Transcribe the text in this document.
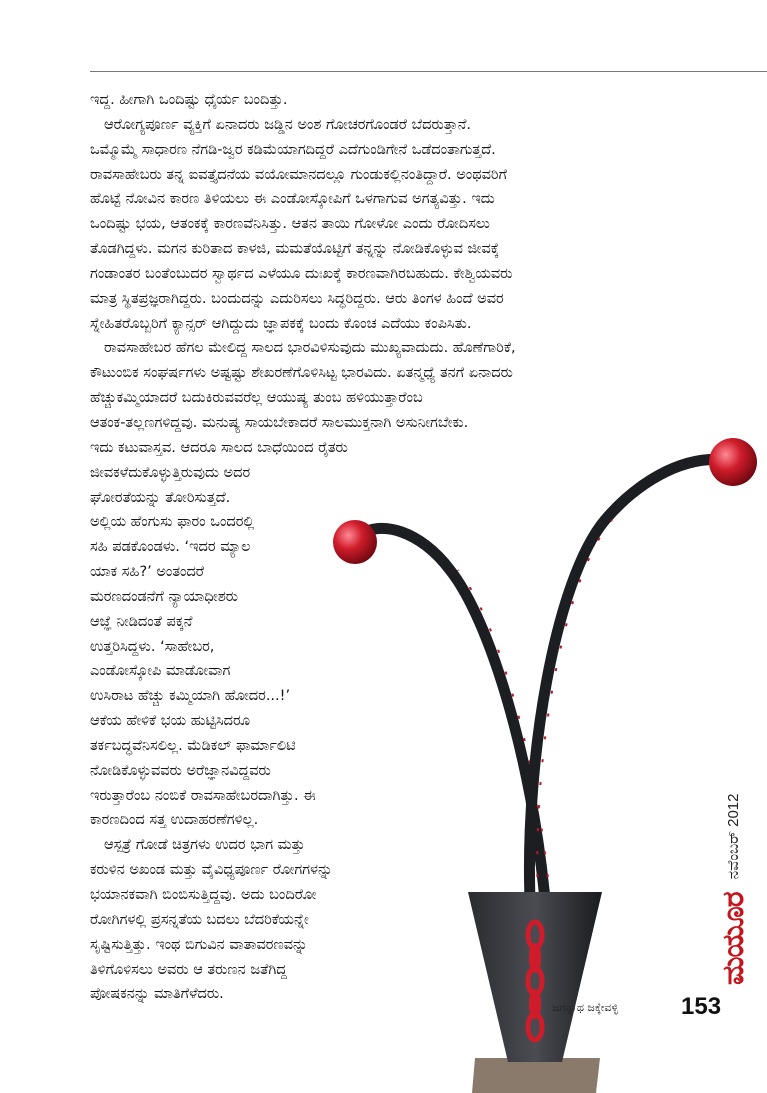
ಇದ್ದ. ಹೀಗಾಗಿ ಒಂದಿಷ್ಟು ಧೈರ್ಯ ಬಂದಿತ್ತು.
ಆರೋಗ್ಯಪೂರ್ಣ ವ್ಯಕ್ತಿಗೆ ಏನಾದರು ಜಡ್ಡಿನ ಅಂಶ ಗೋಚರಗೊಂಡರೆ ಬೆದರುತ್ತಾನೆ.
ಒಮ್ಮೊಮ್ಮೆ ಸಾಧಾರಣ ನೆಗಡಿ-ಜ್ವರ ಕಡಿಮೆಯಾಗದಿದ್ದರೆ ಎದೆಗುಂಡಿಗೇನೆ ಒಡೆದಂತಾಗುತ್ತದೆ.
ರಾವಸಾಹೇಬರು ತನ್ನ ಐವತ್ತೈದನೆಯ ವಯೋಮಾನದಲ್ಲೂ ಗುಂಡುಕಲ್ಲಿನಂತಿದ್ದಾರೆ. ಅಂಥವರಿಗೆ
ಹೊಟ್ಟೆ ನೋವಿನ ಕಾರಣ ತಿಳಿಯಲು ಈ ಎಂಡೋಸ್ಕೋಪಿಗೆ ಒಳಗಾಗುವ ಅಗತ್ಯವಿತ್ತು. ಇದು
ಒಂದಿಷ್ಟು ಭಯ, ಆತಂಕಕ್ಕೆ ಕಾರಣವೆನಿಸಿತ್ತು. ಆತನ ತಾಯಿ ಗೋಳೋ ಎಂದು ರೋದಿಸಲು
ತೊಡಗಿದ್ದಳು. ಮಗನ ಕುರಿತಾದ ಕಾಳಜಿ, ಮಮತೆಯೊಟ್ಟಿಗೆ ತನ್ನನ್ನು ನೋಡಿಕೊಳ್ಳುವ ಜೀವಕ್ಕೆ
ಗಂಡಾಂತರ ಬಂತೆಂಬುದರ ಸ್ವಾರ್ಥದ ಎಳೆಯೂ ದುಃಖಕ್ಕೆ ಕಾರಣವಾಗಿರಬಹುದು. ಕೇಶ್ವಿಯವರು
ಮಾತ್ರ ಸ್ಥಿತಪ್ರಜ್ಞರಾಗಿದ್ದರು. ಬಂದುದನ್ನು ಎದುರಿಸಲು ಸಿದ್ಧರಿದ್ದರು. ಆರು ತಿಂಗಳ ಹಿಂದೆ ಅವರ
ಸ್ನೇಹಿತರೊಬ್ಬರಿಗೆ ಕ್ಯಾನ್ಸರ್ ಆಗಿದ್ದುದು ಜ್ಞಾಪಕಕ್ಕೆ ಬಂದು ಕೊಂಚ ಎದೆಯು ಕಂಪಿಸಿತು.
ರಾವಸಾಹೇಬರ ಹೆಗಲ ಮೇಲಿದ್ದ ಸಾಲದ ಭಾರವಿಳಿಸುವುದು ಮುಖ್ಯವಾದುದು. ಹೊಣೆಗಾರಿಕೆ,
ಕೌಟುಂಬಿಕ ಸಂಘರ್ಷಗಳು ಅಷ್ಟಷ್ಟು ಶೇಖರಣೆಗೊಳಿಸಿಟ್ಟ ಭಾರವಿದು. ಏತನ್ಮಧ್ಯೆ ತನಗೆ ಏನಾದರು
ಹೆಚ್ಚುಕಮ್ಮಿಯಾದರೆ ಬದುಕಿರುವವರೆಲ್ಲ ಆಯುಷ್ಯ ತುಂಬ ಹಳಿಯುತ್ತಾರೆಂಬ
ಆತಂಕ-ತಲ್ಲಣಗಳಿದ್ದವು. ಮನುಷ್ಯ ಸಾಯಬೇಕಾದರೆ ಸಾಲಮುಕ್ತನಾಗಿ ಅಸುನೀಗಬೇಕು.
ಇದು ಕಟುವಾಸ್ತವ. ಆದರೂ ಸಾಲದ ಬಾಧೆಯಿಂದ ರೈತರು
ಜೀವಕಳೆದುಕೊಳ್ಳುತ್ತಿರುವುದು ಅದರ
ಘೋರತೆಯನ್ನು ತೋರಿಸುತ್ತದೆ.
ಅಲ್ಲಿಯ ಹೆಂಗುಸು ಫಾರಂ ಒಂದರಲ್ಲಿ
ಸಹಿ ಪಡಕೊಂಡಳು. ‘ಇದರ ಮ್ಯಾಲ
ಯಾಕ ಸಹಿ?’ ಅಂತಂದರೆ
ಮರಣದಂಡನೆಗೆ ನ್ಯಾಯಾಧೀಶರು
ಆಜ್ಞೆ ನೀಡಿದಂತೆ ಪಕ್ಕನೆ
ಉತ್ತರಿಸಿದ್ದಳು. ‘ಸಾಹೇಬರ,
ಎಂಡೋಸ್ಕೋಪಿ ಮಾಡೋವಾಗ
ಉಸಿರಾಟ ಹೆಚ್ಚು ಕಮ್ಮಿಯಾಗಿ ಹೋದರ...!’
ಆಕೆಯ ಹೇಳಿಕೆ ಭಯ ಹುಟ್ಟಿಸಿದರೂ
ತರ್ಕಬದ್ಧವೆನಿಸಲಿಲ್ಲ. ಮೆಡಿಕಲ್ ಫಾರ್ಮಾಲಿಟಿ
ನೋಡಿಕೊಳ್ಳುವವರು ಅರೆಜ್ಞಾನವಿದ್ದವರು
ಇರುತ್ತಾರೆಂಬ ನಂಬಿಕೆ ರಾವಸಾಹೇಬರದಾಗಿತ್ತು. ಈ
ಕಾರಣದಿಂದ ಸತ್ತ ಉದಾಹರಣೆಗಳಿಲ್ಲ.
ಆಸ್ಪತ್ರೆ ಗೋಡೆ ಚಿತ್ರಗಳು ಉದರ ಭಾಗ ಮತ್ತು
ಕರುಳಿನ ಅಖಂಡ ಮತ್ತು ವೈವಿಧ್ಯಪೂರ್ಣ ರೋಗಗಳನ್ನು
ಭಯಾನಕವಾಗಿ ಬಿಂಬಿಸುತ್ತಿದ್ದವು. ಅದು ಬಂದಿರೋ
ರೋಗಿಗಳಲ್ಲಿ ಪ್ರಸನ್ನತೆಯ ಬದಲು ಬೆದರಿಕೆಯನ್ನೇ
ಸೃಷ್ಟಿಸುತ್ತಿತ್ತು. ಇಂಥ ಬಿಗುವಿನ ವಾತಾವರಣವನ್ನು
ತಿಳಿಗೊಳಿಸಲು ಅವರು ಆ ತರುಣನ ಜತೆಗಿದ್ದ
ಪೋಷಕನನ್ನು ಮಾತಿಗೆಳೆದರು.
ಜಗನ್ನಾಥ ಜಕ್ಕೇವಳ್ಳಿ
ಮಯೂರ ನವೆಂಬರ್ 2012
153
